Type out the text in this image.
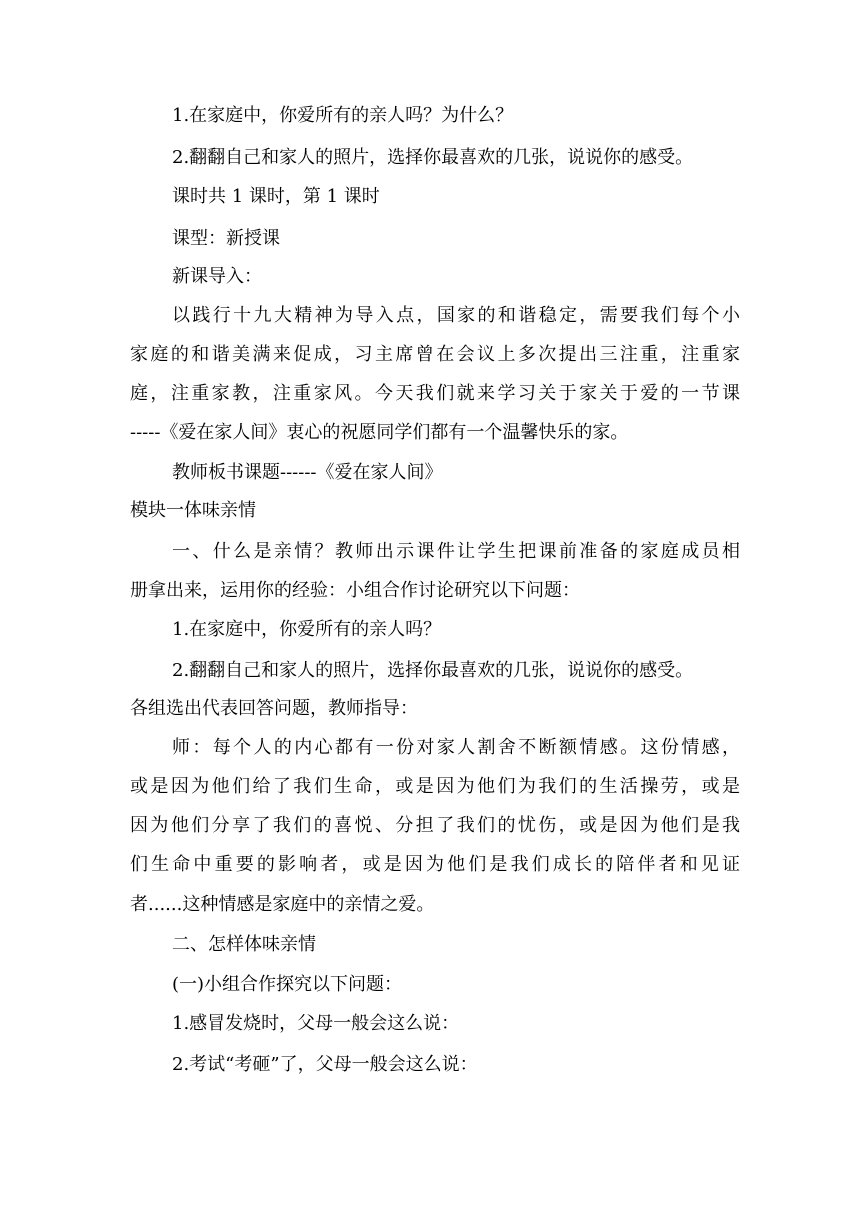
1.在家庭中，你爱所有的亲人吗？为什么？
2.翻翻自己和家人的照片，选择你最喜欢的几张，说说你的感受。
课时共 1 课时，第 1 课时
课型：新授课
新课导入：
以践行十九大精神为导入点，国家的和谐稳定，需要我们每个小
家庭的和谐美满来促成，习主席曾在会议上多次提出三注重，注重家
庭，注重家教，注重家风。今天我们就来学习关于家关于爱的一节课
-----《爱在家人间》衷心的祝愿同学们都有一个温馨快乐的家。
教师板书课题------《爱在家人间》
模块一体味亲情
一、什么是亲情？教师出示课件让学生把课前准备的家庭成员相
册拿出来，运用你的经验：小组合作讨论研究以下问题：
1.在家庭中，你爱所有的亲人吗？
2.翻翻自己和家人的照片，选择你最喜欢的几张，说说你的感受。
各组选出代表回答问题，教师指导：
师：每个人的内心都有一份对家人割舍不断额情感。这份情感，
或是因为他们给了我们生命，或是因为他们为我们的生活操劳，或是
因为他们分享了我们的喜悦、分担了我们的忧伤，或是因为他们是我
们生命中重要的影响者，或是因为他们是我们成长的陪伴者和见证
者......这种情感是家庭中的亲情之爱。
二、怎样体味亲情
(一)小组合作探究以下问题：
1.感冒发烧时，父母一般会这么说：
2.考试“考砸”了，父母一般会这么说：
